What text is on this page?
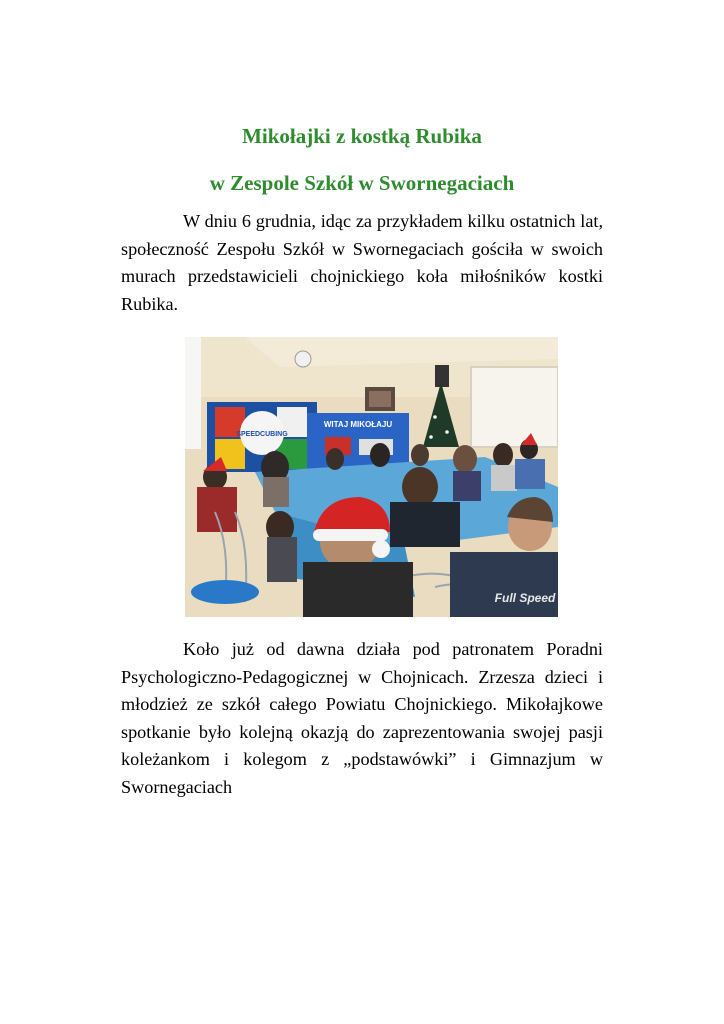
Mikołajki z kostką Rubika
w Zespole Szkół w Swornegaciach

W dniu 6 grudnia, idąc za przykładem kilku ostatnich lat, społeczność Zespołu Szkół w Swornegaciach gościła w swoich murach przedstawicieli chojnickiego koła miłośników kostki Rubika.

SPEEDCUBING
WITAJ MIKOŁAJU
Full Speed

Koło już od dawna działa pod patronatem Poradni Psychologiczno-Pedagogicznej w Chojnicach. Zrzesza dzieci i młodzież ze szkół całego Powiatu Chojnickiego. Mikołajkowe spotkanie było kolejną okazją do zaprezentowania swojej pasji koleżankom i kolegom z „podstawówki” i Gimnazjum w Swornegaciach
